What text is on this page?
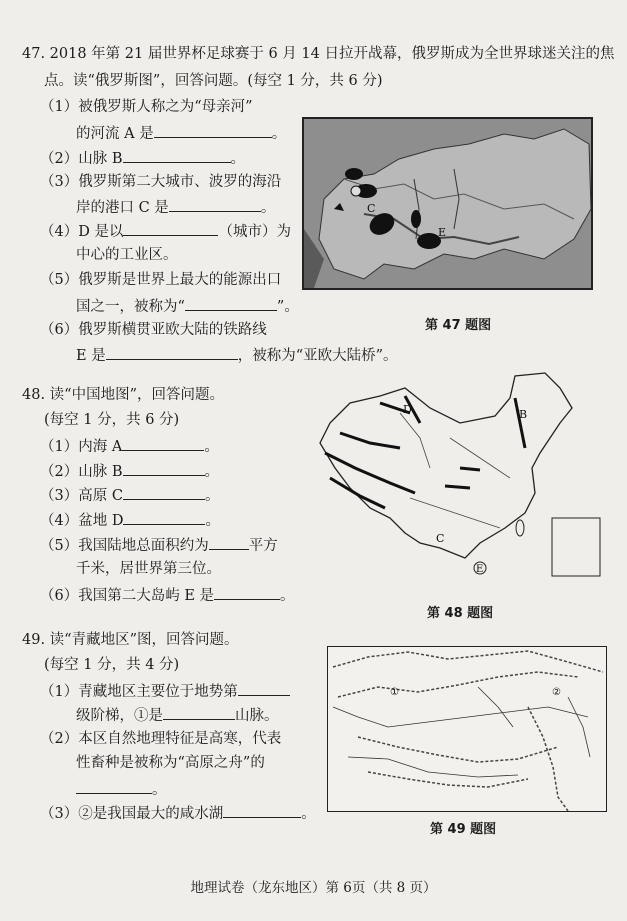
47. 2018 年第 21 届世界杯足球赛于 6 月 14 日拉开战幕，俄罗斯成为全世界球迷关注的焦
点。读“俄罗斯图”，回答问题。(每空 1 分，共 6 分)
（1）被俄罗斯人称之为“母亲河”
的河流 A 是	。
（2）山脉 B	。
（3）俄罗斯第二大城市、波罗的海沿
岸的港口 C 是	。
（4）D 是以	（城市）为
中心的工业区。
（5）俄罗斯是世界上最大的能源出口
国之一，被称为“	”。
（6）俄罗斯横贯亚欧大陆的铁路线
E 是	，被称为“亚欧大陆桥”。
C
E
第 47 题图
48. 读“中国地图”，回答问题。
(每空 1 分，共 6 分)
（1）内海 A	。
（2）山脉 B	。
（3）高原 C	。
（4）盆地 D	。
（5）我国陆地总面积约为	平方
千米，居世界第三位。
（6）我国第二大岛屿 E 是	。
D	B
C
E
第 48 题图
49. 读“青藏地区”图，回答问题。
(每空 1 分，共 4 分)
（1）青藏地区主要位于地势第
级阶梯，①是	山脉。
（2）本区自然地理特征是高寒，代表
性畜种是被称为“高原之舟”的
。
（3）②是我国最大的咸水湖	。
①	②
第 49 题图
地理试卷（龙东地区）第 6页（共 8 页）
